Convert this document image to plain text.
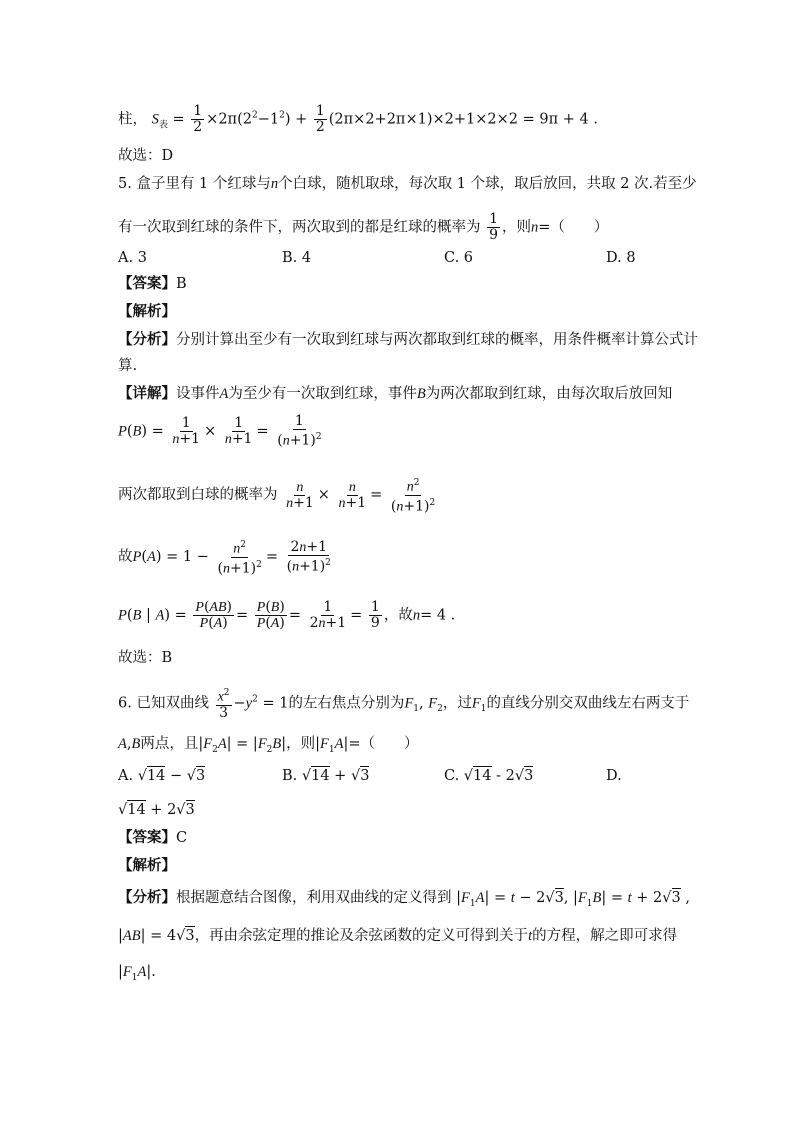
柱， $S_表 = \frac{1}{2} \times 2\pi(2^2-1^2) + \frac{1}{2} (2\pi\times 2+2\pi\times 1)\times 2+1\times 2\times 2 = 9\pi + 4$ .
故选：D
5. 盒子里有 1 个红球与n个白球，随机取球，每次取 1 个球，取后放回，共取 2 次.若至少
有一次取到红球的条件下，两次取到的都是红球的概率为 $\frac{1}{9}$ ，则n=（　　）
A. 3	B. 4	C. 6	D. 8
【答案】B
【解析】
【分析】分别计算出至少有一次取到红球与两次都取到红球的概率，用条件概率计算公式计
算.
【详解】设事件A为至少有一次取到红球，事件B为两次都取到红球，由每次取后放回知
$P(B) = \frac{1}{n+1} \times \frac{1}{n+1} = \frac{1}{(n+1)^2}$
两次都取到白球的概率为 $\frac{n}{n+1} \times \frac{n}{n+1} = \frac{n^2}{(n+1)^2}$
故$P(A) = 1 - \frac{n^2}{(n+1)^2} = \frac{2n+1}{(n+1)^2}$
P(B | $A) = \frac{P(AB)}{P(A)} = \frac{P(B)}{P(A)} = \frac{1}{2n+1} = \frac{1}{9}$ ，故n= 4 .
故选：B
6. 已知双曲线 $\frac{x^2}{3} -y^2 = 1$的左右焦点分别为$F_1$, $F_2$，过$F_1$的直线分别交双曲线左右两支于
A,B两点，且$|F_2A| = |F_2B|$，则$|F_1A|=$（　　）
A. √14 − √3	B. √14 + √3	C. √14 - 2√3	D.
√14 + 2√3
【答案】C
【解析】
【分析】根据题意结合图像，利用双曲线的定义得到 $|F_1A| = t - 2√3$, $|F_1B| = t + 2√3$ ,
|AB| = 4√3，再由余弦定理的推论及余弦函数的定义可得到关于t的方程，解之即可求得
$|F_1A|$.
